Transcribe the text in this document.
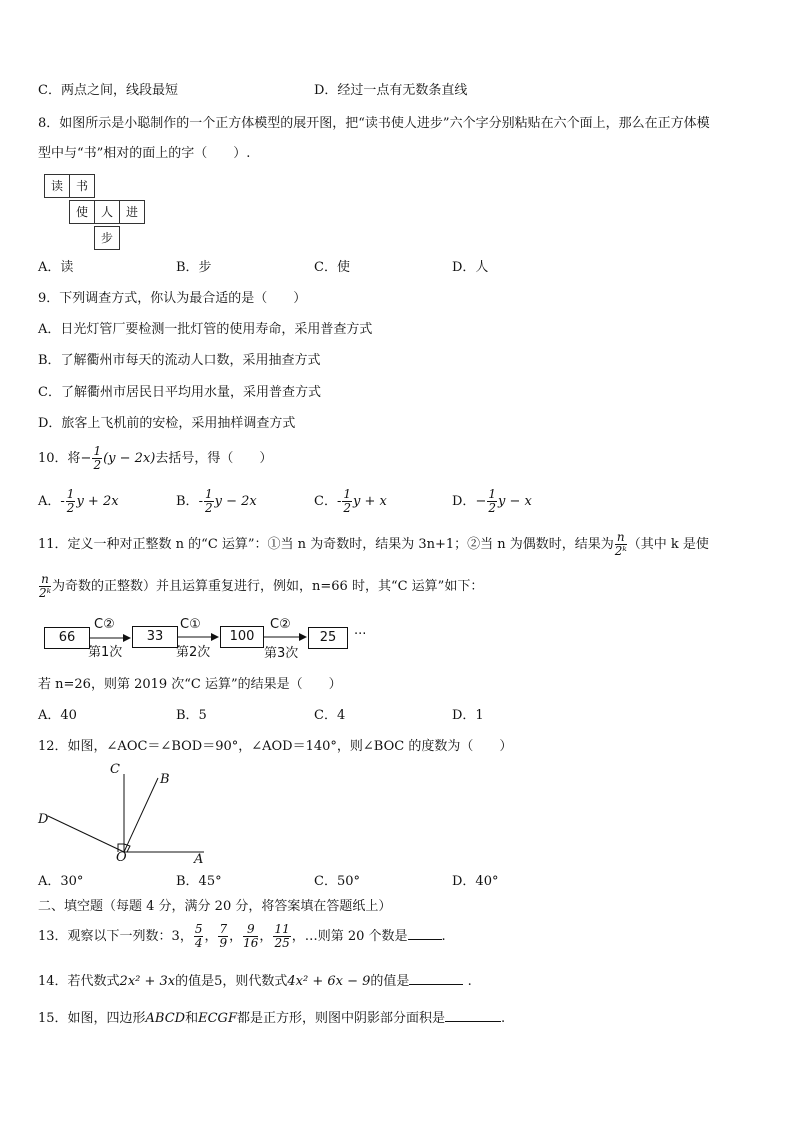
C．两点之间，线段最短	D．经过一点有无数条直线
8．如图所示是小聪制作的一个正方体模型的展开图，把“读书使人进步”六个字分别粘贴在六个面上，那么在正方体模
型中与“书”相对的面上的字（　　）.
读	书
使	人	进
步
A．读	B．步	C．使	D．人
9．下列调查方式，你认为最合适的是（　　）
A．日光灯管厂要检测一批灯管的使用寿命，采用普查方式
B．了解衢州市每天的流动人口数，采用抽查方式
C．了解衢州市居民日平均用水量，采用普查方式
D．旅客上飞机前的安检，采用抽样调查方式
10．将− $\frac{1}{2} (y - 2x)$去括号，得（　　）
A．- $\frac{1}{2}$ y + 2x	B．- $\frac{1}{2}$ y − 2x	C．- $\frac{1}{2}$ y + x	D．− $\frac{1}{2}$ y − x
11．定义一种对正整数 n 的“C 运算”：①当 n 为奇数时，结果为 3n+1；②当 n 为偶数时，结果为 $\frac{n}{\text{2ᵏ}}$ （其中 k 是使
$\frac{n}{\text{2ᵏ}}$ 为奇数的正整数）并且运算重复进行，例如，n=66 时，其“C 运算”如下：
66	33	100	25
C②	C①	C②
第1次	第2次	第3次
···
若 n=26，则第 2019 次“C 运算”的结果是（　　）
A．40	B．5	C．4	D．1
12．如图，∠AOC＝∠BOD＝90°，∠AOD＝140°，则∠BOC 的度数为（　　）
C
B
D
O	A
A．30°	B．45°	C．50°	D．40°
二、填空题（每题 4 分，满分 20 分，将答案填在答题纸上）
13．观察以下一列数：3， $\frac{5}{4}$ ， $\frac{7}{9}$ ， $\frac{9}{16}$ ， $\frac{11}{25}$ ，…则第 20 个数是	.
14．若代数式2x² + 3x的值是5，则代数式4x² + 6x − 9的值是	.
15．如图，四边形ABCD和ECGF都是正方形，则图中阴影部分面积是	.
